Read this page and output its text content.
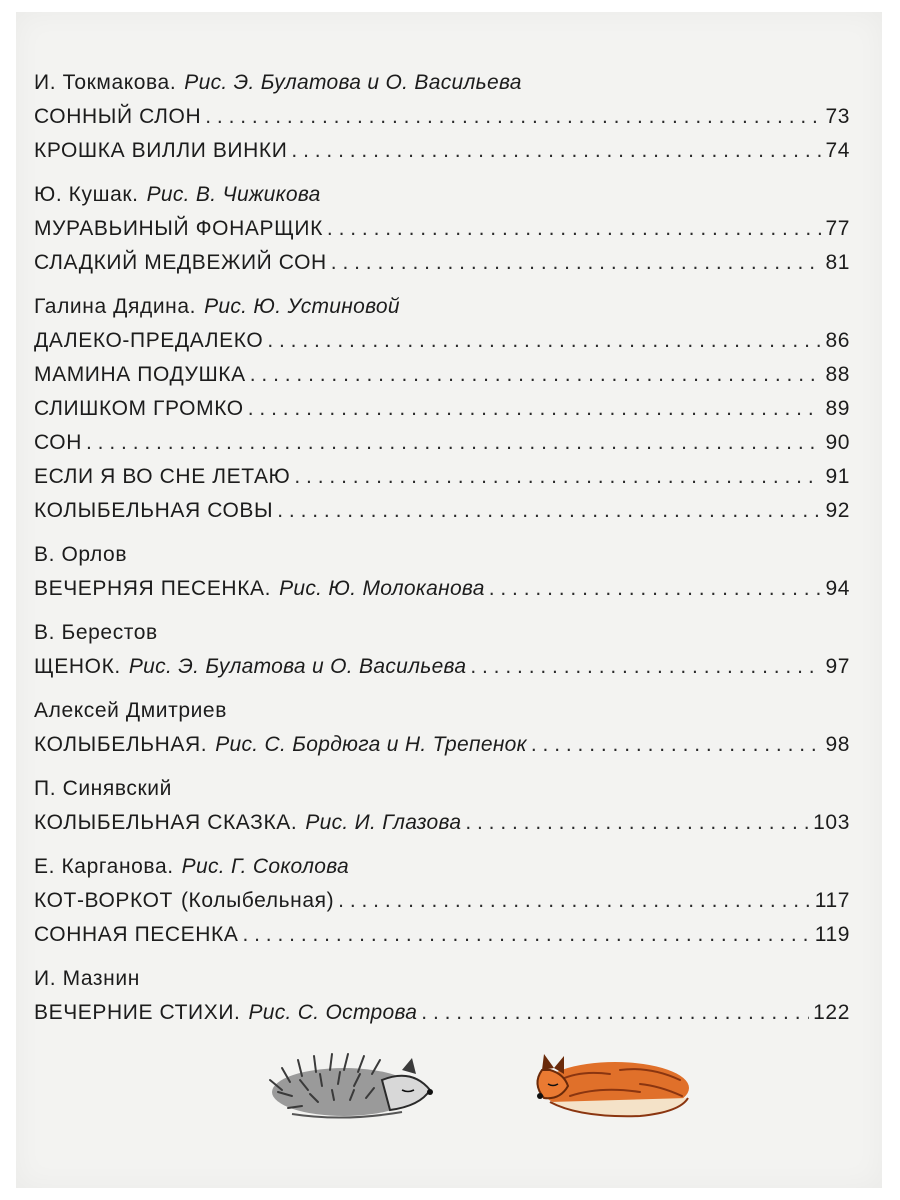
И. Токмакова. Рис. Э. Булатова и О. Васильева
СОННЫЙ СЛОН . . .	73
КРОШКА ВИЛЛИ ВИНКИ . . .	74
Ю. Кушак. Рис. В. Чижикова
МУРАВЬИНЫЙ ФОНАРЩИК . . .	77
СЛАДКИЙ МЕДВЕЖИЙ СОН . . .	81
Галина Дядина. Рис. Ю. Устиновой
ДАЛЕКО-ПРЕДАЛЕКО . . .	86
МАМИНА ПОДУШКА . . .	88
СЛИШКОМ ГРОМКО . . .	89
СОН . . .	90
ЕСЛИ Я ВО СНЕ ЛЕТАЮ . . .	91
КОЛЫБЕЛЬНАЯ СОВЫ . . .	92
В. Орлов
ВЕЧЕРНЯЯ ПЕСЕНКА. Рис. Ю. Молоканова . . .	94
В. Берестов
ЩЕНОК. Рис. Э. Булатова и О. Васильева . . .	97
Алексей Дмитриев
КОЛЫБЕЛЬНАЯ. Рис. С. Бордюга и Н. Трепенок . . .	98
П. Синявский
КОЛЫБЕЛЬНАЯ СКАЗКА. Рис. И. Глазова . . .	103
Е. Карганова. Рис. Г. Соколова
КОТ-ВОРКОТ (Колыбельная) . . .	117
СОННАЯ ПЕСЕНКА . . .	119
И. Мазнин
ВЕЧЕРНИЕ СТИХИ. Рис. С. Острова . . .	122
